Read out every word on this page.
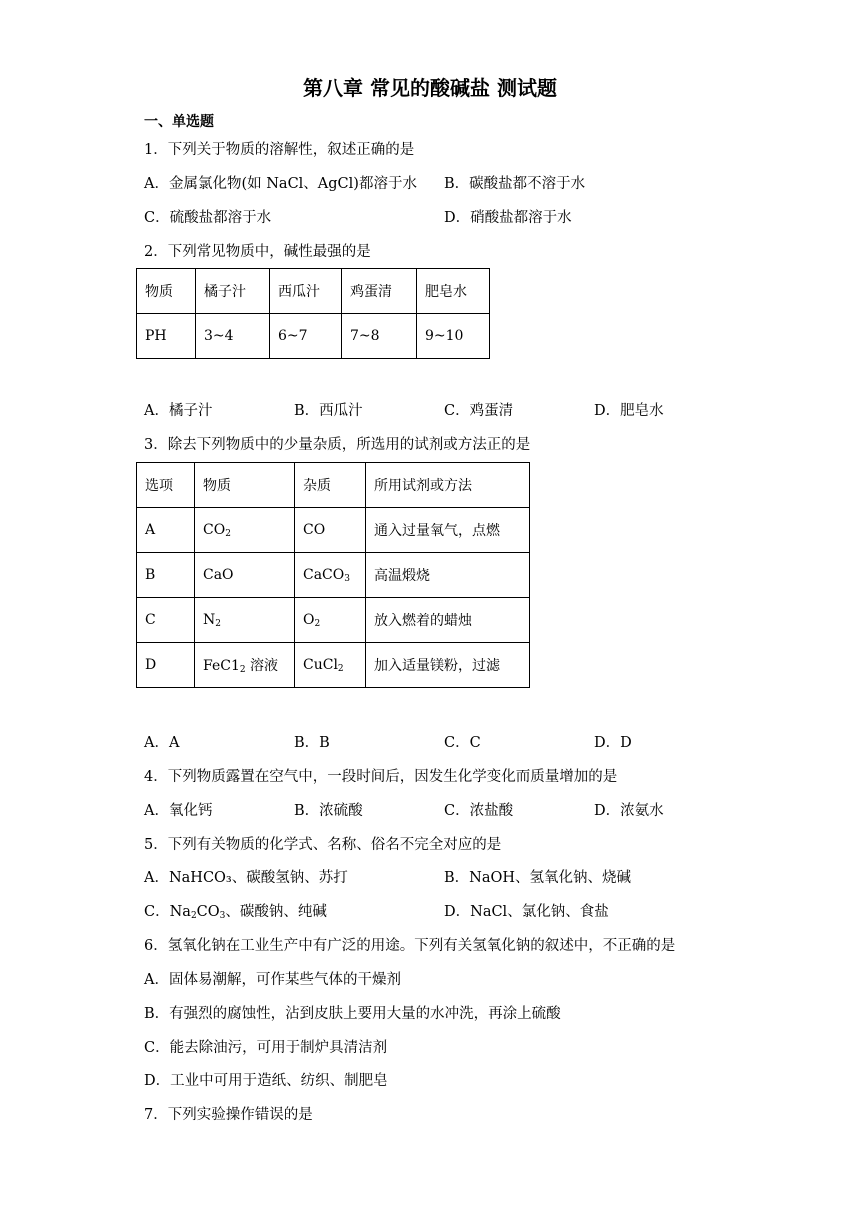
第八章 常见的酸碱盐 测试题
一、单选题
1．下列关于物质的溶解性，叙述正确的是
A．金属氯化物(如 NaCl、AgCl)都溶于水 B．碳酸盐都不溶于水
C．硫酸盐都溶于水	D．硝酸盐都溶于水
2．下列常见物质中，碱性最强的是
物质	橘子汁	西瓜汁	鸡蛋清	肥皂水
PH	3~4	6~7	7~8	9~10
A．橘子汁	B．西瓜汁	C．鸡蛋清	D．肥皂水
3．除去下列物质中的少量杂质，所选用的试剂或方法正的是
选项	物质	杂质	所用试剂或方法
A	$CO_2$	CO	通入过量氧气，点燃
B	CaO	CaCO$_3$	高温煅烧
C	$N_2$	$O_2$	放入燃着的蜡烛
D	$FeC1_2$ 溶液	CuCl$_2$	加入适量镁粉，过滤
A．A	B．B	C．C	D．D
4．下列物质露置在空气中，一段时间后，因发生化学变化而质量增加的是
A．氧化钙	B．浓硫酸	C．浓盐酸	D．浓氨水
5．下列有关物质的化学式、名称、俗名不完全对应的是
A．NaHCO₃、碳酸氢钠、苏打	B．NaOH、氢氧化钠、烧碱
C．$Na_2CO_3$、碳酸钠、纯碱	D．NaCl、氯化钠、食盐
6．氢氧化钠在工业生产中有广泛的用途。下列有关氢氧化钠的叙述中，不正确的是
A．固体易潮解，可作某些气体的干燥剂
B．有强烈的腐蚀性，沾到皮肤上要用大量的水冲洗，再涂上硫酸
C．能去除油污，可用于制炉具清洁剂
D．工业中可用于造纸、纺织、制肥皂
7．下列实验操作错误的是
